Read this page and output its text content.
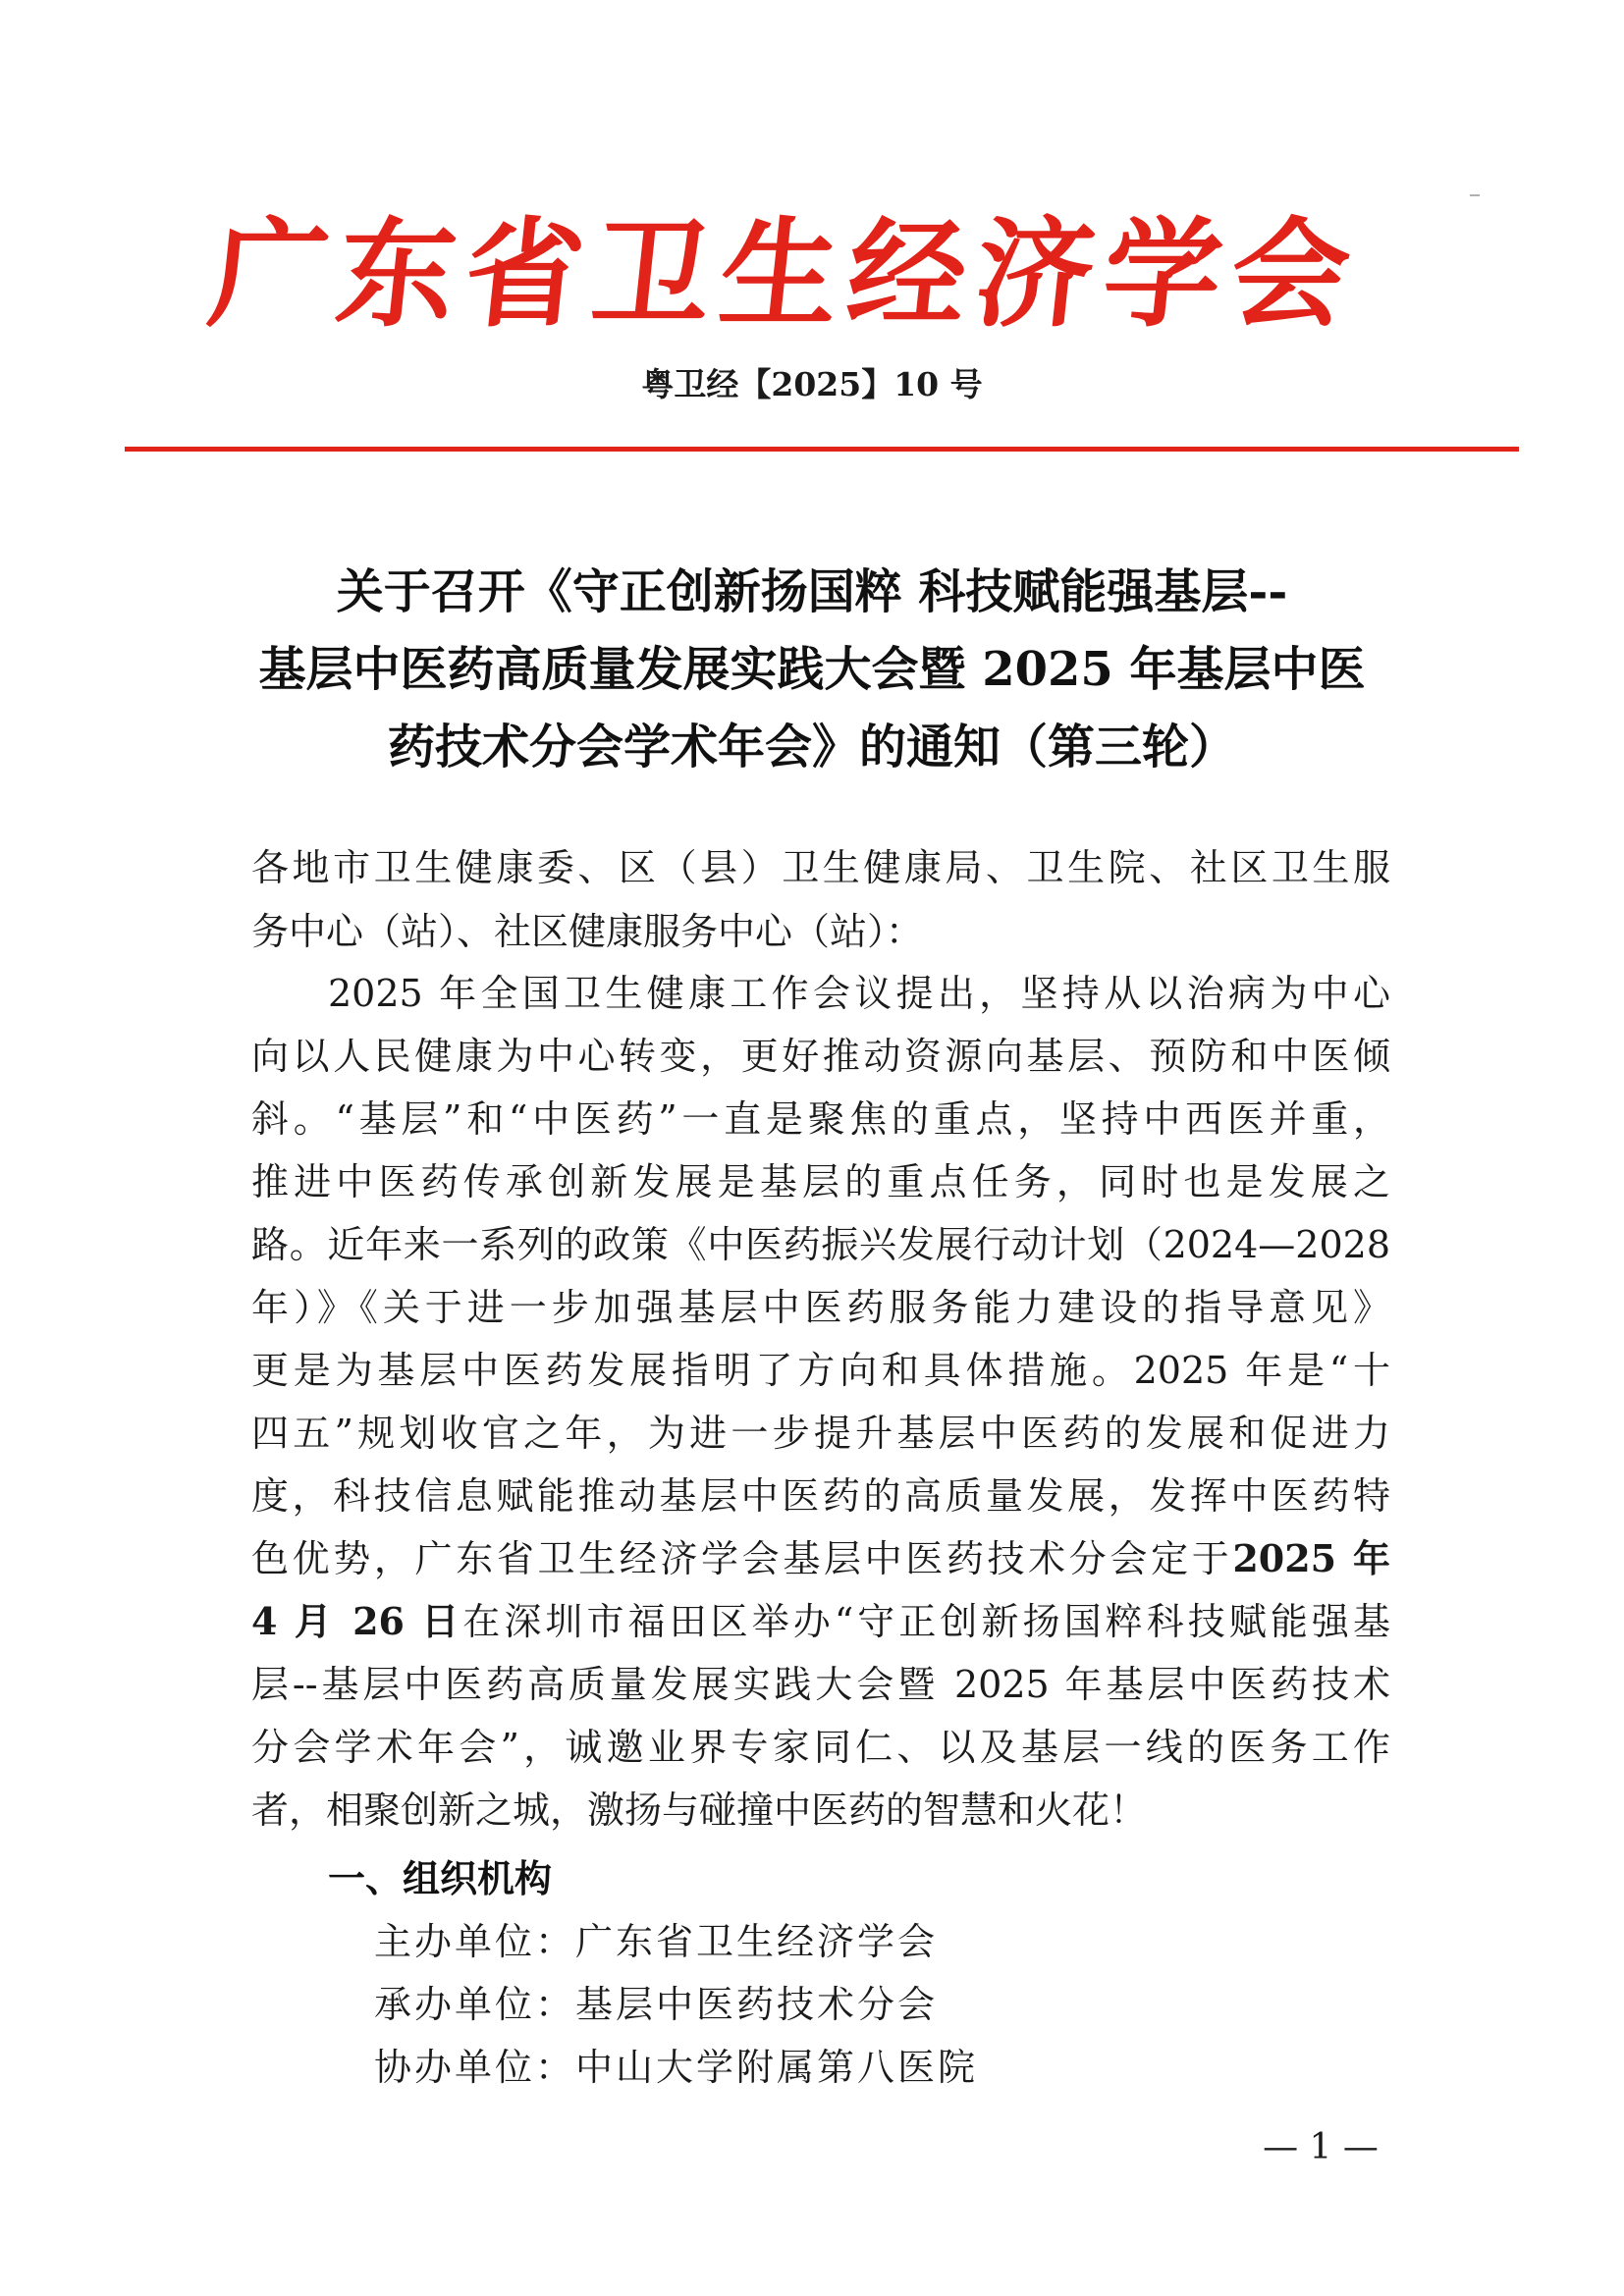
广东省卫生经济学会
粤卫经【2025】10 号
关于召开《守正创新扬国粹 科技赋能强基层--
基层中医药高质量发展实践大会暨 2025 年基层中医
药技术分会学术年会》的通知（第三轮）
各地市卫生健康委、区（县）卫生健康局、卫生院、社区卫生服
务中心（站）、社区健康服务中心（站）：
2025 年全国卫生健康工作会议提出，坚持从以治病为中心
向以人民健康为中心转变，更好推动资源向基层、预防和中医倾
斜。“基层”和“中医药”一直是聚焦的重点，坚持中西医并重，
推进中医药传承创新发展是基层的重点任务，同时也是发展之
路。近年来一系列的政策《中医药振兴发展行动计划（2024—2028
年）》《关于进一步加强基层中医药服务能力建设的指导意见》
更是为基层中医药发展指明了方向和具体措施。2025 年是“十
四五”规划收官之年，为进一步提升基层中医药的发展和促进力
度，科技信息赋能推动基层中医药的高质量发展，发挥中医药特
色优势，广东省卫生经济学会基层中医药技术分会定于2025 年
4 月 26 日在深圳市福田区举办“守正创新扬国粹科技赋能强基
层--基层中医药高质量发展实践大会暨 2025 年基层中医药技术
分会学术年会”，诚邀业界专家同仁、以及基层一线的医务工作
者，相聚创新之城，激扬与碰撞中医药的智慧和火花！
一、组织机构
主办单位：广东省卫生经济学会
承办单位：基层中医药技术分会
协办单位：中山大学附属第八医院
— 1 —
